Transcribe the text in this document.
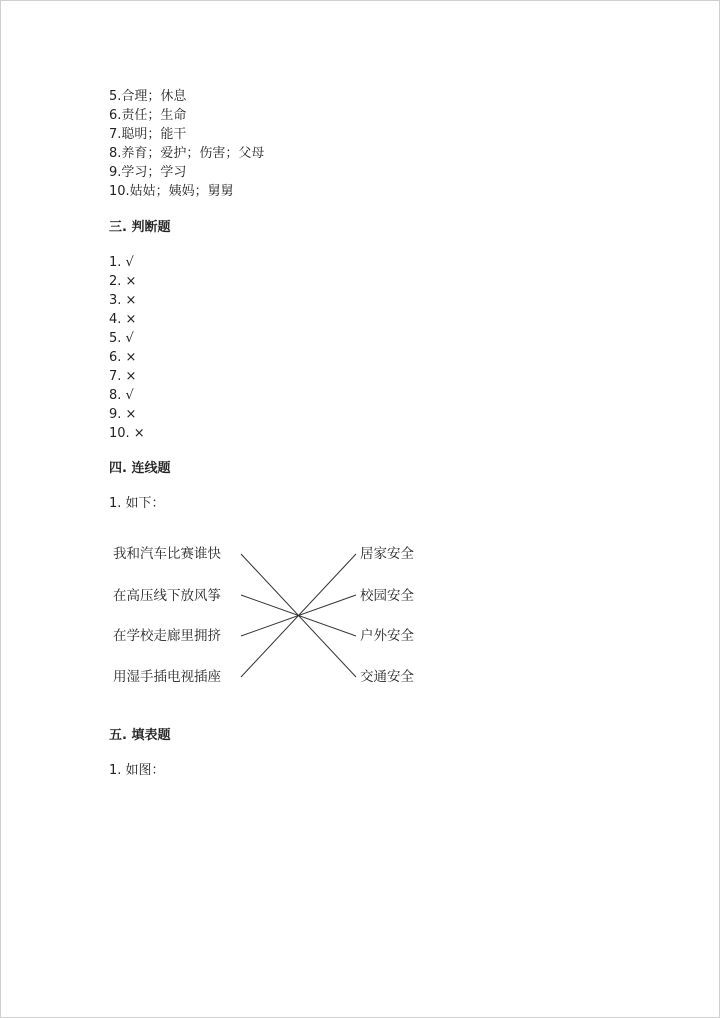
5.合理；休息
6.责任；生命
7.聪明；能干
8.养育；爱护；伤害；父母
9.学习；学习
10.姑姑；姨妈；舅舅
三. 判断题
1. √
2. ×
3. ×
4. ×
5. √
6. ×
7. ×
8. √
9. ×
10. ×
四. 连线题
1. 如下：
我和汽车比赛谁快
在高压线下放风筝
在学校走廊里拥挤
用湿手插电视插座
居家安全
校园安全
户外安全
交通安全
五. 填表题
1. 如图：
